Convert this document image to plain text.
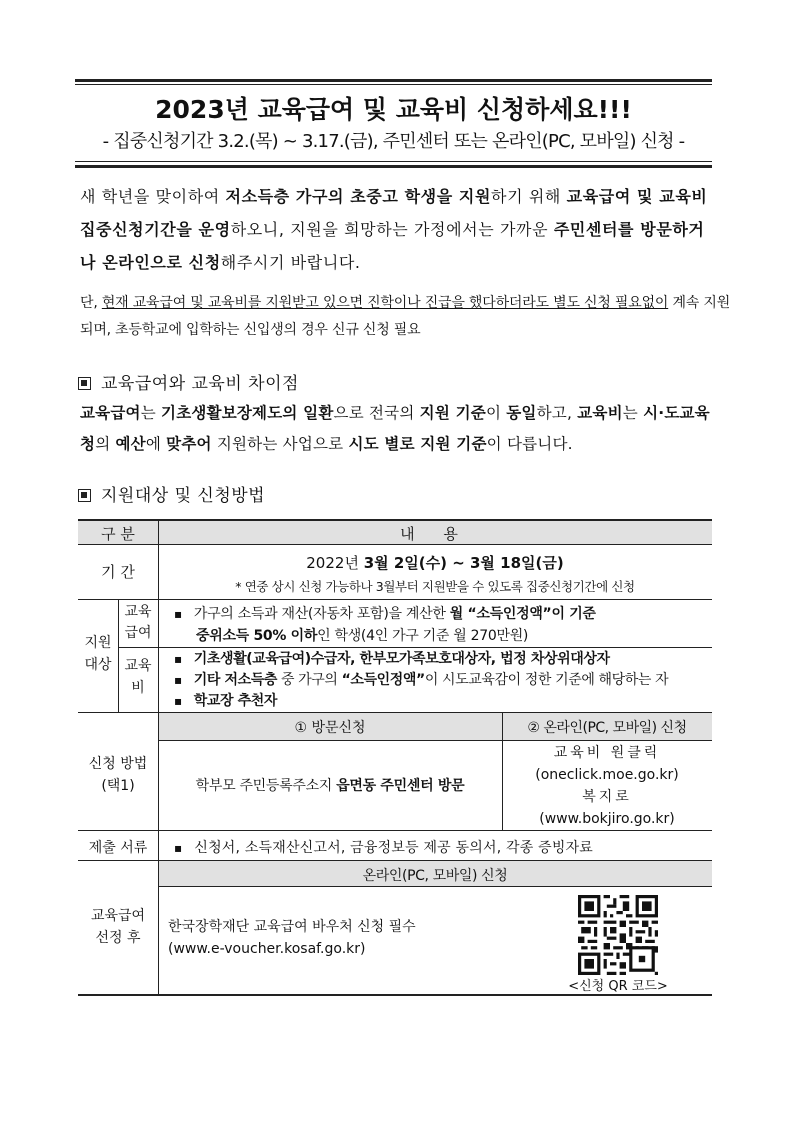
2023년 교육급여 및 교육비 신청하세요!!!
- 집중신청기간 3.2.(목) ~ 3.17.(금), 주민센터 또는 온라인(PC, 모바일) 신청 -
새 학년을 맞이하여 저소득층 가구의 초중고 학생을 지원하기 위해 교육급여 및 교육비 집중신청기간을 운영하오니, 지원을 희망하는 가정에서는 가까운 주민센터를 방문하거나 온라인으로 신청해주시기 바랍니다.
단, 현재 교육급여 및 교육비를 지원받고 있으면 진학이나 진급을 했다하더라도 별도 신청 필요없이 계속 지원되며, 초등학교에 입학하는 신입생의 경우 신규 신청 필요
교육급여와 교육비 차이점
교육급여는 기초생활보장제도의 일환으로 전국의 지원 기준이 동일하고, 교육비는 시·도교육청의 예산에 맞추어 지원하는 사업으로 시도 별로 지원 기준이 다릅니다.
지원대상 및 신청방법
구 분	내 용
기 간	2022년 3월 2일(수) ~ 3월 18일(금)
* 연중 상시 신청 가능하나 3월부터 지원받을 수 있도록 집중신청기간에 신청
지원
대상
교육
급여
▪ 가구의 소득과 재산(자동차 포함)을 계산한 월 “소득인정액”이 기준
중위소득 50% 이하인 학생(4인 가구 기준 월 270만원)
교육
비
▪ 기초생활(교육급여)수급자, 한부모가족보호대상자, 법정 차상위대상자
▪ 기타 저소득층 중 가구의 “소득인정액”이 시도교육감이 정한 기준에 해당하는 자
▪ 학교장 추천자
신청 방법
(택1)
① 방문신청	② 온라인(PC, 모바일) 신청
학부모 주민등록주소지 읍면동 주민센터 방문
교육비 원클릭
(oneclick.moe.go.kr)
복지로
(www.bokjiro.go.kr)
제출 서류
▪	신청서, 소득재산신고서, 금융정보등 제공 동의서, 각종 증빙자료
교육급여
선정 후
온라인(PC, 모바일) 신청
한국장학재단 교육급여 바우처 신청 필수
(www.e-voucher.kosaf.go.kr)
<신청 QR 코드>
